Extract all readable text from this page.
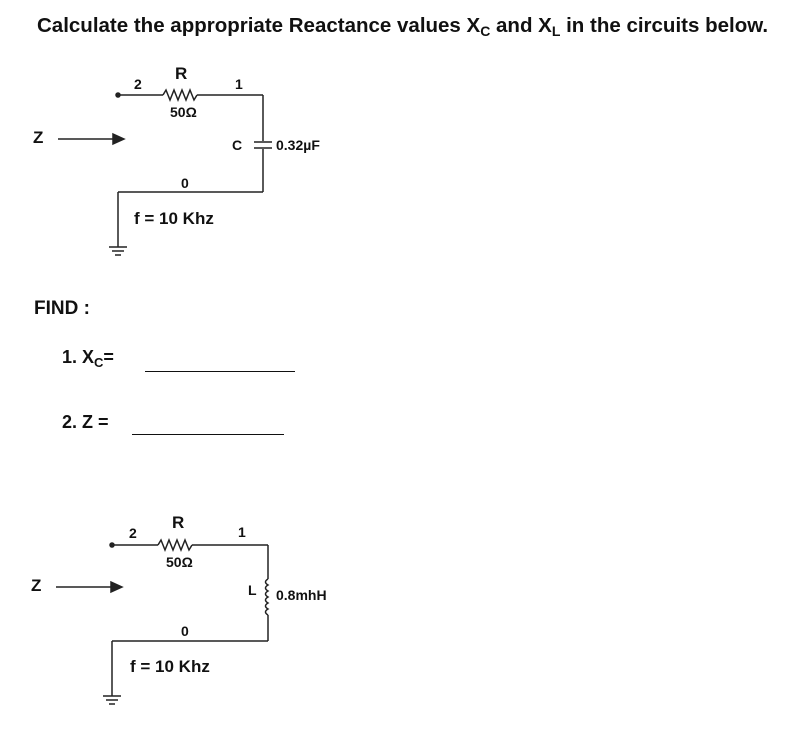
Calculate the appropriate Reactance values $X_C$ and $X_L$ in the circuits below.
2
R
1
50Ω
Z	C 0.32µF
0
f = 10 Khz
FIND :
1. $X_C=$
2. Z =
2
R	1
50Ω
Z	L 0.8mhH
0
f = 10 Khz
